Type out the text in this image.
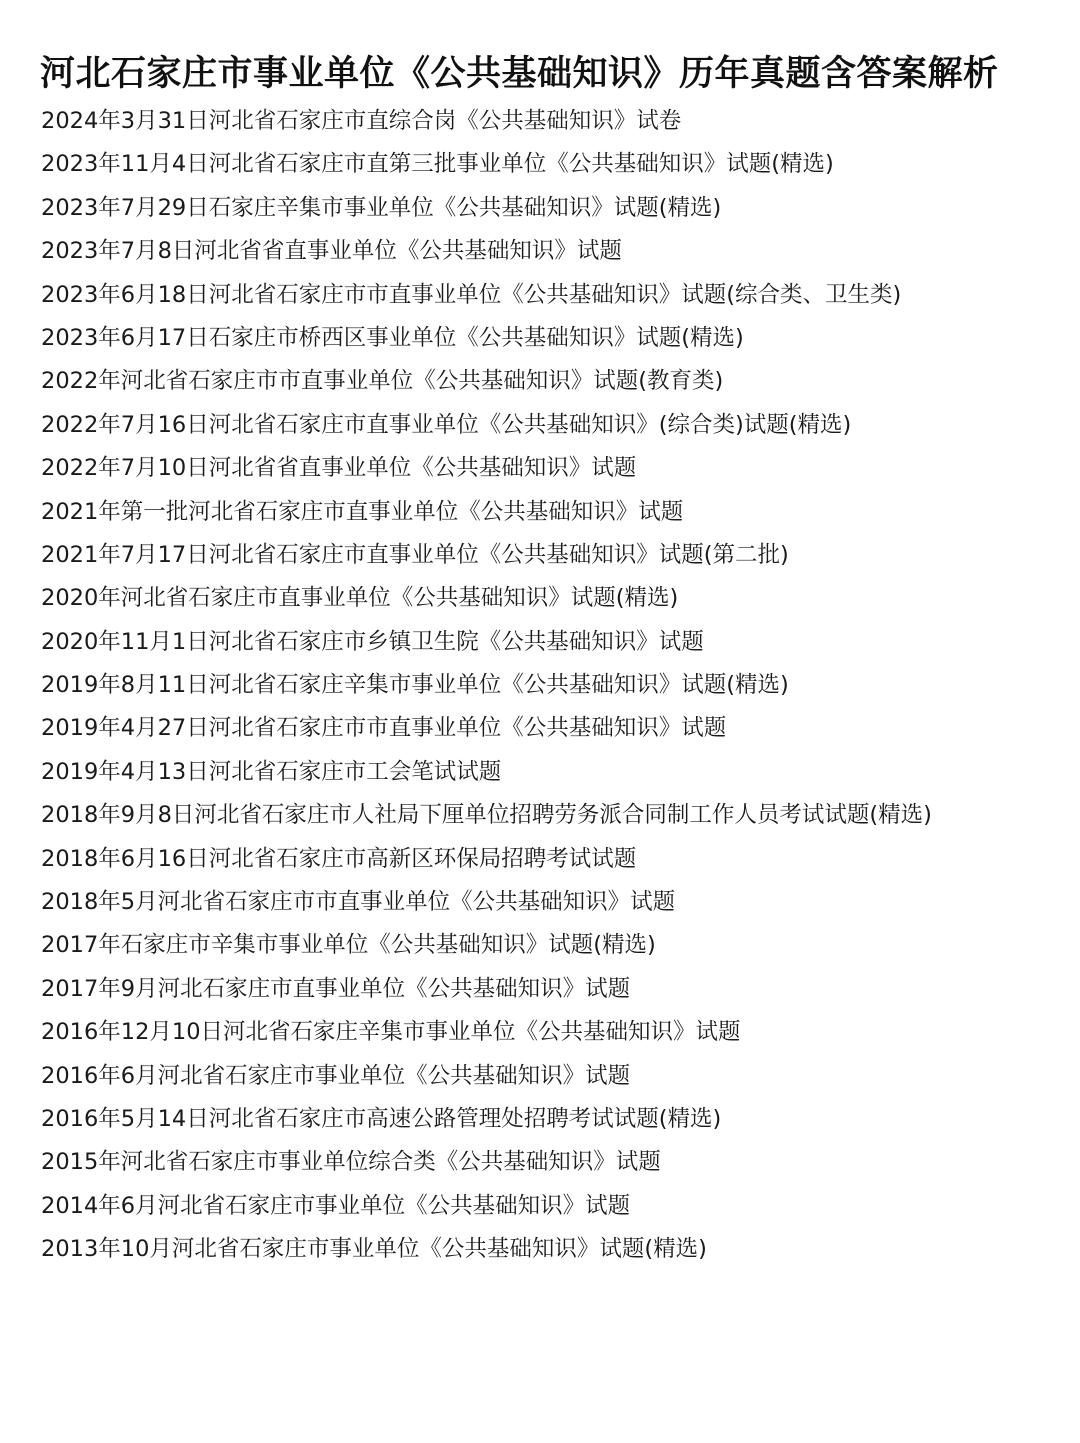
河北石家庄市事业单位《公共基础知识》历年真题含答案解析
2024年3月31日河北省石家庄市直综合岗《公共基础知识》试卷
2023年11月4日河北省石家庄市直第三批事业单位《公共基础知识》试题(精选)
2023年7月29日石家庄辛集市事业单位《公共基础知识》试题(精选)
2023年7月8日河北省省直事业单位《公共基础知识》试题
2023年6月18日河北省石家庄市市直事业单位《公共基础知识》试题(综合类、卫生类)
2023年6月17日石家庄市桥西区事业单位《公共基础知识》试题(精选)
2022年河北省石家庄市市直事业单位《公共基础知识》试题(教育类)
2022年7月16日河北省石家庄市直事业单位《公共基础知识》(综合类)试题(精选)
2022年7月10日河北省省直事业单位《公共基础知识》试题
2021年第一批河北省石家庄市直事业单位《公共基础知识》试题
2021年7月17日河北省石家庄市直事业单位《公共基础知识》试题(第二批)
2020年河北省石家庄市直事业单位《公共基础知识》试题(精选)
2020年11月1日河北省石家庄市乡镇卫生院《公共基础知识》试题
2019年8月11日河北省石家庄辛集市事业单位《公共基础知识》试题(精选)
2019年4月27日河北省石家庄市市直事业单位《公共基础知识》试题
2019年4月13日河北省石家庄市工会笔试试题
2018年9月8日河北省石家庄市人社局下厘单位招聘劳务派合同制工作人员考试试题(精选)
2018年6月16日河北省石家庄市高新区环保局招聘考试试题
2018年5月河北省石家庄市市直事业单位《公共基础知识》试题
2017年石家庄市辛集市事业单位《公共基础知识》试题(精选)
2017年9月河北石家庄市直事业单位《公共基础知识》试题
2016年12月10日河北省石家庄辛集市事业单位《公共基础知识》试题
2016年6月河北省石家庄市事业单位《公共基础知识》试题
2016年5月14日河北省石家庄市高速公路管理处招聘考试试题(精选)
2015年河北省石家庄市事业单位综合类《公共基础知识》试题
2014年6月河北省石家庄市事业单位《公共基础知识》试题
2013年10月河北省石家庄市事业单位《公共基础知识》试题(精选)
